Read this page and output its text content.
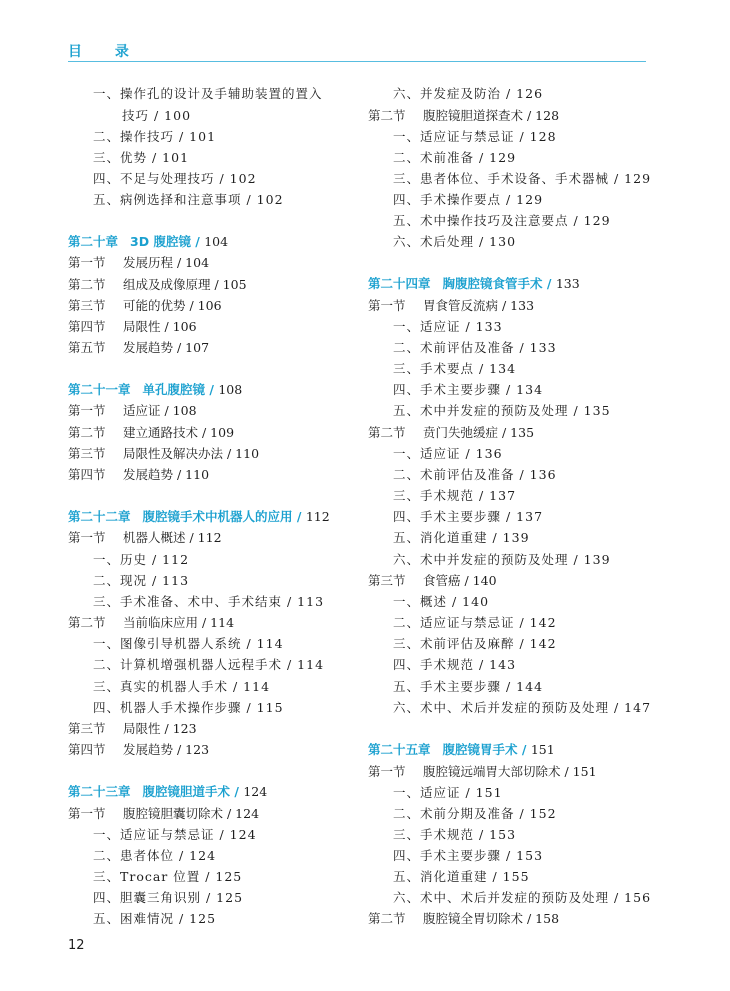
目 录
一、操作孔的设计及手辅助装置的置入
技巧 / 100
二、操作技巧 / 101
三、优势 / 101
四、不足与处理技巧 / 102
五、病例选择和注意事项 / 102
第二十章 3D 腹腔镜 / 104
第一节 发展历程 / 104
第二节 组成及成像原理 / 105
第三节 可能的优势 / 106
第四节 局限性 / 106
第五节 发展趋势 / 107
第二十一章 单孔腹腔镜 / 108
第一节 适应证 / 108
第二节 建立通路技术 / 109
第三节 局限性及解决办法 / 110
第四节 发展趋势 / 110
第二十二章 腹腔镜手术中机器人的应用 / 112
第一节 机器人概述 / 112
一、历史 / 112
二、现况 / 113
三、手术准备、术中、手术结束 / 113
第二节 当前临床应用 / 114
一、图像引导机器人系统 / 114
二、计算机增强机器人远程手术 / 114
三、真实的机器人手术 / 114
四、机器人手术操作步骤 / 115
第三节 局限性 / 123
第四节 发展趋势 / 123
第二十三章 腹腔镜胆道手术 / 124
第一节 腹腔镜胆囊切除术 / 124
一、适应证与禁忌证 / 124
二、患者体位 / 124
三、Trocar 位置 / 125
四、胆囊三角识别 / 125
五、困难情况 / 125
六、并发症及防治 / 126
第二节 腹腔镜胆道探查术 / 128
一、适应证与禁忌证 / 128
二、术前准备 / 129
三、患者体位、手术设备、手术器械 / 129
四、手术操作要点 / 129
五、术中操作技巧及注意要点 / 129
六、术后处理 / 130
第二十四章 胸腹腔镜食管手术 / 133
第一节 胃食管反流病 / 133
一、适应证 / 133
二、术前评估及准备 / 133
三、手术要点 / 134
四、手术主要步骤 / 134
五、术中并发症的预防及处理 / 135
第二节 贲门失弛缓症 / 135
一、适应证 / 136
二、术前评估及准备 / 136
三、手术规范 / 137
四、手术主要步骤 / 137
五、消化道重建 / 139
六、术中并发症的预防及处理 / 139
第三节 食管癌 / 140
一、概述 / 140
二、适应证与禁忌证 / 142
三、术前评估及麻醉 / 142
四、手术规范 / 143
五、手术主要步骤 / 144
六、术中、术后并发症的预防及处理 / 147
第二十五章 腹腔镜胃手术 / 151
第一节 腹腔镜远端胃大部切除术 / 151
一、适应证 / 151
二、术前分期及准备 / 152
三、手术规范 / 153
四、手术主要步骤 / 153
五、消化道重建 / 155
六、术中、术后并发症的预防及处理 / 156
第二节 腹腔镜全胃切除术 / 158
12
